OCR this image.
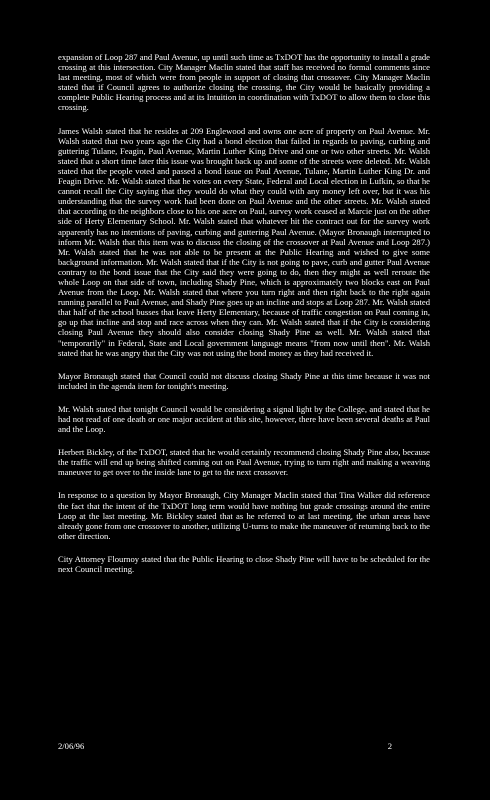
expansion of Loop 287 and Paul Avenue, up until such time as TxDOT has the opportunity to install a grade crossing at this intersection. City Manager Maclin stated that staff has received no formal comments since last meeting, most of which were from people in support of closing that crossover. City Manager Maclin stated that if Council agrees to authorize closing the crossing, the City would be basically providing a complete Public Hearing process and at its Intuition in coordination with TxDOT to allow them to close this crossing.

James Walsh stated that he resides at 209 Englewood and owns one acre of property on Paul Avenue. Mr. Walsh stated that two years ago the City had a bond election that failed in regards to paving, curbing and guttering Tulane, Feagin, Paul Avenue, Martin Luther King Drive and one or two other streets. Mr. Walsh stated that a short time later this issue was brought back up and some of the streets were deleted. Mr. Walsh stated that the people voted and passed a bond issue on Paul Avenue, Tulane, Martin Luther King Dr. and Feagin Drive. Mr. Walsh stated that he votes on every State, Federal and Local election in Lufkin, so that he cannot recall the City saying that they would do what they could with any money left over, but it was his understanding that the survey work had been done on Paul Avenue and the other streets. Mr. Walsh stated that according to the neighbors close to his one acre on Paul, survey work ceased at Marcie just on the other side of Herty Elementary School. Mr. Walsh stated that whatever hit the contract out for the survey work apparently has no intentions of paving, curbing and guttering Paul Avenue. (Mayor Bronaugh interrupted to inform Mr. Walsh that this item was to discuss the closing of the crossover at Paul Avenue and Loop 287.) Mr. Walsh stated that he was not able to be present at the Public Hearing and wished to give some background information. Mr. Walsh stated that if the City is not going to pave, curb and gutter Paul Avenue contrary to the bond issue that the City said they were going to do, then they might as well reroute the whole Loop on that side of town, including Shady Pine, which is approximately two blocks east on Paul Avenue from the Loop. Mr. Walsh stated that where you turn right and then right back to the right again running parallel to Paul Avenue, and Shady Pine goes up an incline and stops at Loop 287. Mr. Walsh stated that half of the school busses that leave Herty Elementary, because of traffic congestion on Paul coming in, go up that incline and stop and race across when they can. Mr. Walsh stated that if the City is considering closing Paul Avenue they should also consider closing Shady Pine as well. Mr. Walsh stated that "temporarily" in Federal, State and Local government language means "from now until then". Mr. Walsh stated that he was angry that the City was not using the bond money as they had received it.

Mayor Bronaugh stated that Council could not discuss closing Shady Pine at this time because it was not included in the agenda item for tonight's meeting.

Mr. Walsh stated that tonight Council would be considering a signal light by the College, and stated that he had not read of one death or one major accident at this site, however, there have been several deaths at Paul and the Loop.

Herbert Bickley, of the TxDOT, stated that he would certainly recommend closing Shady Pine also, because the traffic will end up being shifted coming out on Paul Avenue, trying to turn right and making a weaving maneuver to get over to the inside lane to get to the next crossover.

In response to a question by Mayor Bronaugh, City Manager Maclin stated that Tina Walker did reference the fact that the intent of the TxDOT long term would have nothing but grade crossings around the entire Loop at the last meeting. Mr. Bickley stated that as he referred to at last meeting, the urban areas have already gone from one crossover to another, utilizing U-turns to make the maneuver of returning back to the other direction.

City Attorney Flournoy stated that the Public Hearing to close Shady Pine will have to be scheduled for the next Council meeting.

2/06/96	2
